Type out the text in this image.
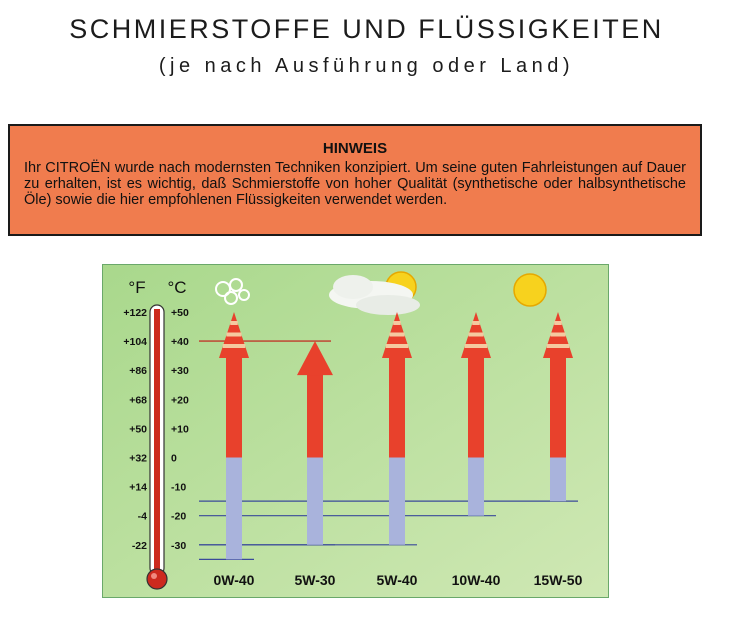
SCHMIERSTOFFE UND FLÜSSIGKEITEN
(je nach Ausführung oder Land)
HINWEIS
Ihr CITROËN wurde nach modernsten Techniken konzipiert. Um seine guten Fahrleistungen auf Dauer zu erhalten, ist es wichtig, daß Schmierstoffe von hoher Qualität (synthetische oder halbsynthetische Öle) sowie die hier empfohlenen Flüssigkeiten verwendet werden.
°F °C
+122 +50
+104 +40
+86 +30
+68 +20
+50 +10
+32 0
+14 -10
-4 -20
-22 -30
0W-40	5W-30	5W-40 10W-40 15W-50
